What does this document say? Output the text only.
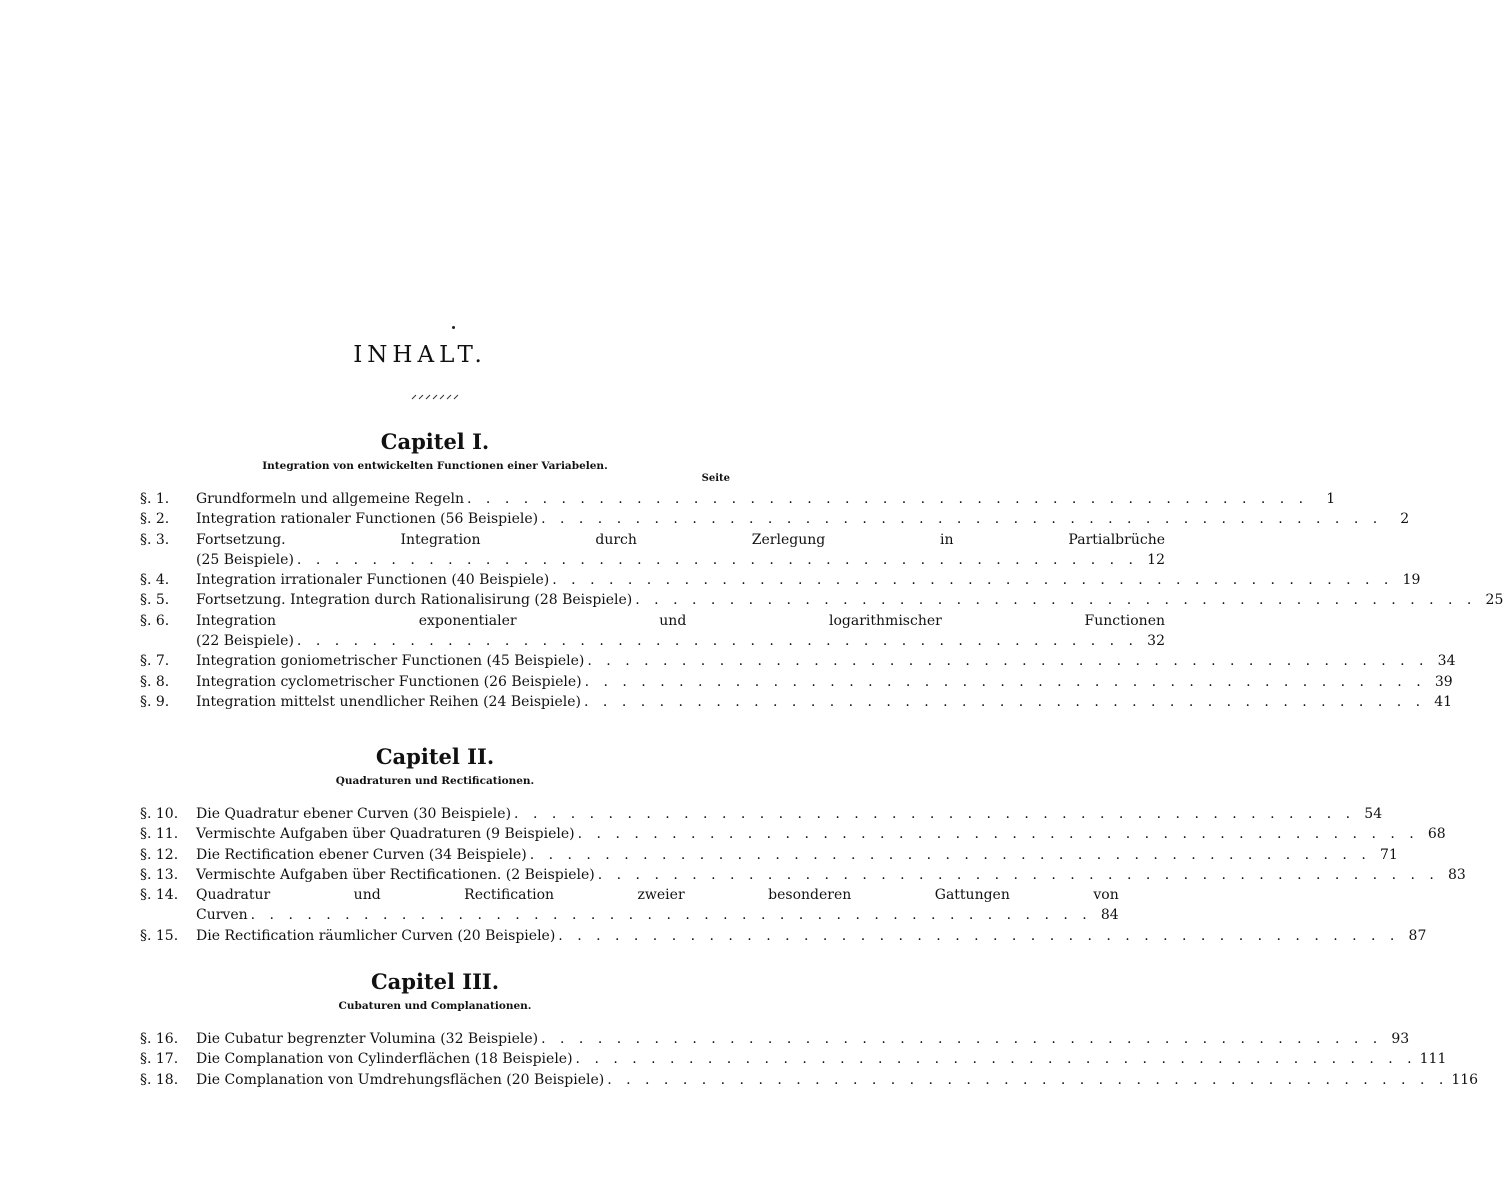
INHALT.
Capitel I.

Integration von entwickelten Functionen einer Variabelen.

Seite

§. 1.	Grundformeln und allgemeine Regeln . . . . . . . . . . . . . . . . . . . . . . . . . . . . . . . . . . . . . . . . . . . . .	1
§. 2.	Integration rationaler Functionen (56 Beispiele) . . . . . . . . . . . . . . . . . . . . . . . . . . . . . . . . . . . . . . . . . . . . .	2
§. 3.	Fortsetzung. Integration durch Zerlegung in Partialbrüche
(25 Beispiele) . . . . . . . . . . . . . . . . . . . . . . . . . . . . . . . . . . . . . . . . . . . . . 12
§. 4.	Integration irrationaler Functionen (40 Beispiele) . . . . . . . . . . . . . . . . . . . . . . . . . . . . . . . . . . . . . . . . . . . . . 19
§. 5.	Fortsetzung. Integration durch Rationalisirung (28 Beispiele) . . . . . . . . . . . . . . . . . . . . . . . . . . . . . . . . . . . . . . . . . . . . . 25
§. 6.	Integration exponentialer und logarithmischer Functionen
(22 Beispiele) . . . . . . . . . . . . . . . . . . . . . . . . . . . . . . . . . . . . . . . . . . . . . 32
§. 7.	Integration goniometrischer Functionen (45 Beispiele) . . . . . . . . . . . . . . . . . . . . . . . . . . . . . . . . . . . . . . . . . . . . . 34
§. 8.	Integration cyclometrischer Functionen (26 Beispiele) . . . . . . . . . . . . . . . . . . . . . . . . . . . . . . . . . . . . . . . . . . . . . 39
§. 9.	Integration mittelst unendlicher Reihen (24 Beispiele) . . . . . . . . . . . . . . . . . . . . . . . . . . . . . . . . . . . . . . . . . . . . . 41
Capitel II.

Quadraturen und Rectificationen.

§. 10.	Die Quadratur ebener Curven (30 Beispiele) . . . . . . . . . . . . . . . . . . . . . . . . . . . . . . . . . . . . . . . . . . . . . 54
§. 11.	Vermischte Aufgaben über Quadraturen (9 Beispiele) . . . . . . . . . . . . . . . . . . . . . . . . . . . . . . . . . . . . . . . . . . . . . 68
§. 12.	Die Rectification ebener Curven (34 Beispiele) . . . . . . . . . . . . . . . . . . . . . . . . . . . . . . . . . . . . . . . . . . . . . 71
§. 13.	Vermischte Aufgaben über Rectificationen. (2 Beispiele) . . . . . . . . . . . . . . . . . . . . . . . . . . . . . . . . . . . . . . . . . . . . . 83
§. 14.	Quadratur und Rectification zweier besonderen Gattungen von
Curven . . . . . . . . . . . . . . . . . . . . . . . . . . . . . . . . . . . . . . . . . . . . . 84
§. 15.	Die Rectification räumlicher Curven (20 Beispiele) . . . . . . . . . . . . . . . . . . . . . . . . . . . . . . . . . . . . . . . . . . . . . 87
Capitel III.

Cubaturen und Complanationen.

§. 16.	Die Cubatur begrenzter Volumina (32 Beispiele) . . . . . . . . . . . . . . . . . . . . . . . . . . . . . . . . . . . . . . . . . . . . . 93
§. 17.	Die Complanation von Cylinderflächen (18 Beispiele) . . . . . . . . . . . . . . . . . . . . . . . . . . . . . . . . . . . . . . . . . . . . . 111
§. 18.	Die Complanation von Umdrehungsflächen (20 Beispiele) . . . . . . . . . . . . . . . . . . . . . . . . . . . . . . . . . . . . . . . . . . . . . 116
